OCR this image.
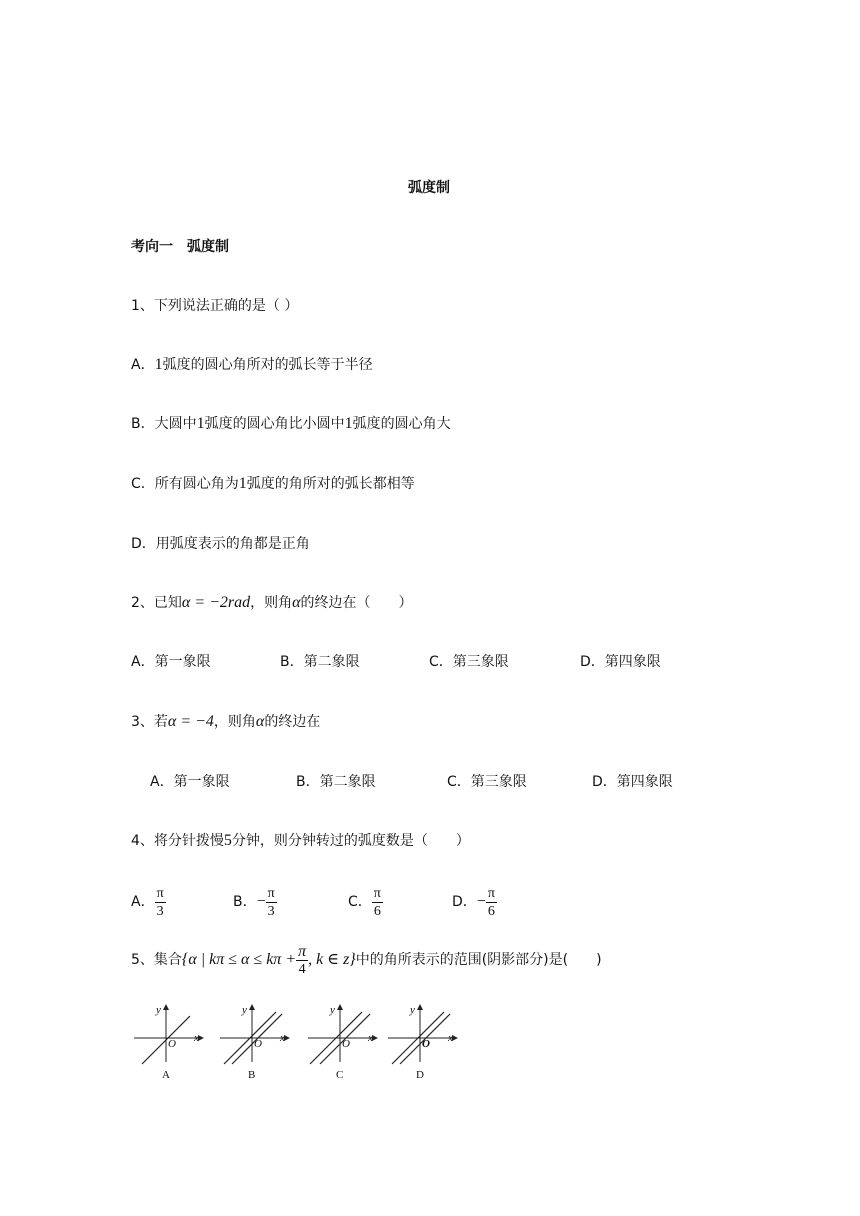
弧度制
考向一　弧度制
1、下列说法正确的是（ ）
A．1弧度的圆心角所对的弧长等于半径
B．大圆中1弧度的圆心角比小圆中1弧度的圆心角大
C．所有圆心角为1弧度的角所对的弧长都相等
D．用弧度表示的角都是正角
2、已知α = −2rad，则角α的终边在（　　）
A．第一象限	B．第二象限	C．第三象限	D．第四象限
3、若α = −4，则角α的终边在
A．第一象限	B．第二象限	C．第三象限	D．第四象限
4、将分针拨慢5分钟，则分钟转过的弧度数是（　　）
A． $\frac{\pi}{3}$	B．− $\frac{\pi}{3}$	C． $\frac{\pi}{6}$	D．− $\frac{\pi}{6}$
5、集合{α | $k\pi \le \alpha \le k\pi + \frac{\pi}{4}$ , k ∈ z}中的角所表示的范围(阴影部分)是(　　)
y
x
O
A
y
x
O
B
y
x
O
C
y
x
O
D
